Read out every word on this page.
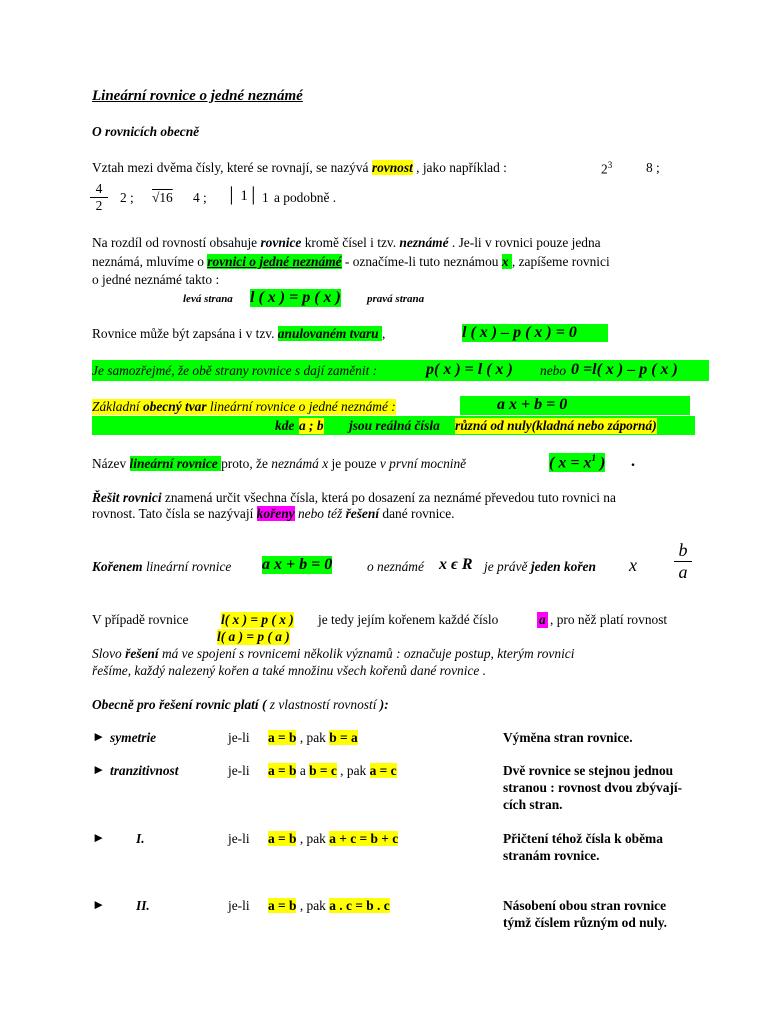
Lineární rovnice o jedné neznámé
O rovnicích obecně
Vztah mezi dvěma čísly, které se rovnají, se nazývá rovnost , jako například :	$2^3$	8 ;
$\frac{4}{2} 2$ ; √16 4 ; │ 1│ 1 a podobně .
Na rozdíl od rovností obsahuje rovnice kromě čísel i tzv. neznámé . Je-li v rovnici pouze jedna
neznámá, mluvíme o rovnici o jedné neznámé - označíme-li tuto neznámou x , zapíšeme rovnici
o jedné neznámé takto :
levá strana l ( x ) = p ( x ) pravá strana
Rovnice může být zapsána i v tzv. anulovaném tvaru ,	l ( x ) – p ( x ) = 0
Je samozřejmé, že obě strany rovnice s dají zaměnit :	p( x ) = l ( x ) nebo 0 =l( x ) – p ( x )
Základní obecný tvar lineární rovnice o jedné neznámé :	a x + b = 0
kde a ; b jsou reálná čísla různá od nuly(kladná nebo záporná)
Název lineární rovnice proto, že neznámá x je pouze v první mocnině	( $x = x^1$ ) .
Řešit rovnici znamená určit všechna čísla, která po dosazení za neznámé převedou tuto rovnici na
rovnost. Tato čísla se nazývají kořeny nebo též řešení dané rovnice.
Kořenem lineární rovnice a x + b = 0	o neznámé x ϵ R je právě jeden kořen x $\frac{b}{a}$
V případě rovnice l( x ) = p ( x ) je tedy jejím kořenem každé číslo	a , pro něž platí rovnost
l( a ) = p ( a )
Slovo řešení má ve spojení s rovnicemi několik významů : označuje postup, kterým rovnici
řešíme, každý nalezený kořen a také množinu všech kořenů dané rovnice .
Obecně pro řešení rovnic platí ( z vlastností rovností ):
► symetrie	je-li a = b , pak b = a	Výměna stran rovnice.
► tranzitivnost	je-li a = b a b = c , pak a = c	Dvě rovnice se stejnou jednou
stranou : rovnost dvou zbývají-
cích stran.
► I.	je-li a = b , pak a + c = b + c	Přičtení téhož čísla k oběma
stranám rovnice.
► II.	je-li a = b , pak a . c = b . c	Násobení obou stran rovnice
týmž číslem různým od nuly.
